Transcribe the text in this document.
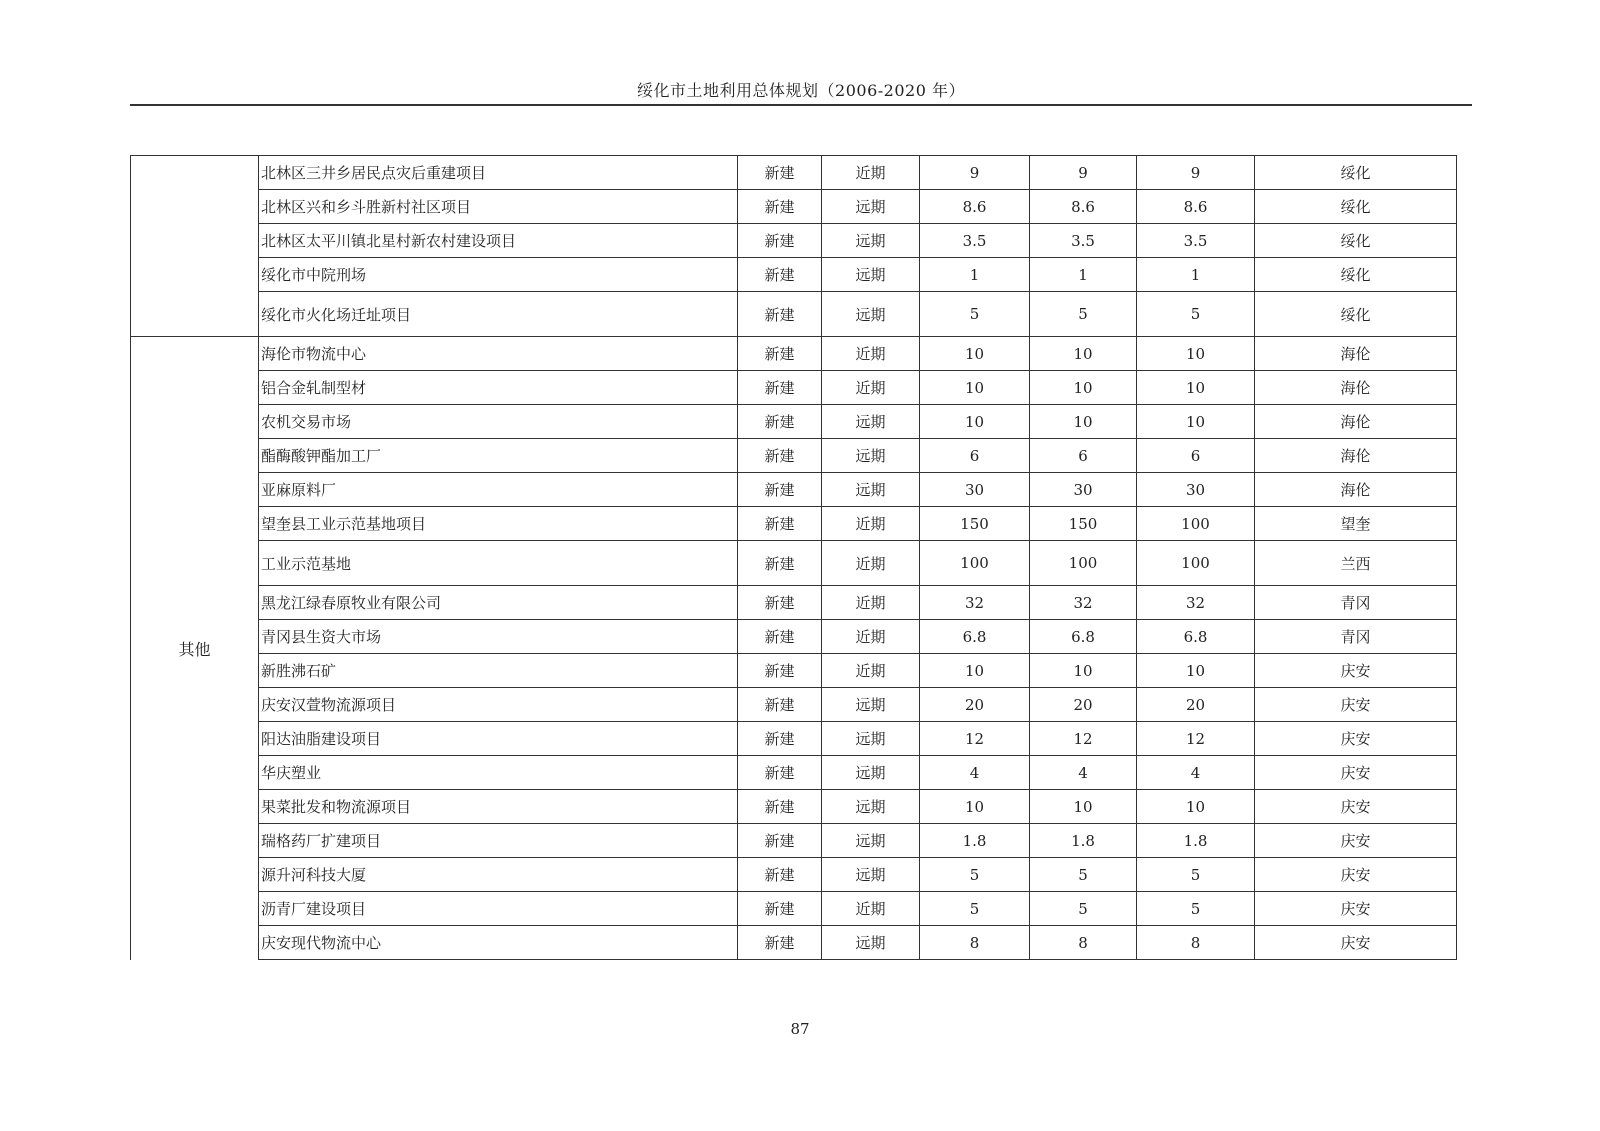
绥化市土地利用总体规划（2006-2020 年）
	北林区三井乡居民点灾后重建项目	新建	近期	9	9	9	绥化
	北林区兴和乡斗胜新村社区项目	新建	远期	8.6	8.6	8.6	绥化
	北林区太平川镇北星村新农村建设项目	新建	远期	3.5	3.5	3.5	绥化
	绥化市中院刑场	新建	远期	1	1	1	绥化
	绥化市火化场迁址项目	新建	远期	5	5	5	绥化
其他	海伦市物流中心	新建	近期	10	10	10	海伦
	铝合金轧制型材	新建	近期	10	10	10	海伦
	农机交易市场	新建	远期	10	10	10	海伦
	酯酶酸钾酯加工厂	新建	远期	6	6	6	海伦
	亚麻原料厂	新建	远期	30	30	30	海伦
	望奎县工业示范基地项目	新建	近期	150	150	100	望奎
	工业示范基地	新建	近期	100	100	100	兰西
	黑龙江绿春原牧业有限公司	新建	近期	32	32	32	青冈
	青冈县生资大市场	新建	近期	6.8	6.8	6.8	青冈
	新胜沸石矿	新建	近期	10	10	10	庆安
	庆安汉萱物流源项目	新建	远期	20	20	20	庆安
	阳达油脂建设项目	新建	远期	12	12	12	庆安
	华庆塑业	新建	远期	4	4	4	庆安
	果菜批发和物流源项目	新建	远期	10	10	10	庆安
	瑞格药厂扩建项目	新建	远期	1.8	1.8	1.8	庆安
	源升河科技大厦	新建	远期	5	5	5	庆安
	沥青厂建设项目	新建	近期	5	5	5	庆安
	庆安现代物流中心	新建	远期	8	8	8	庆安
87
